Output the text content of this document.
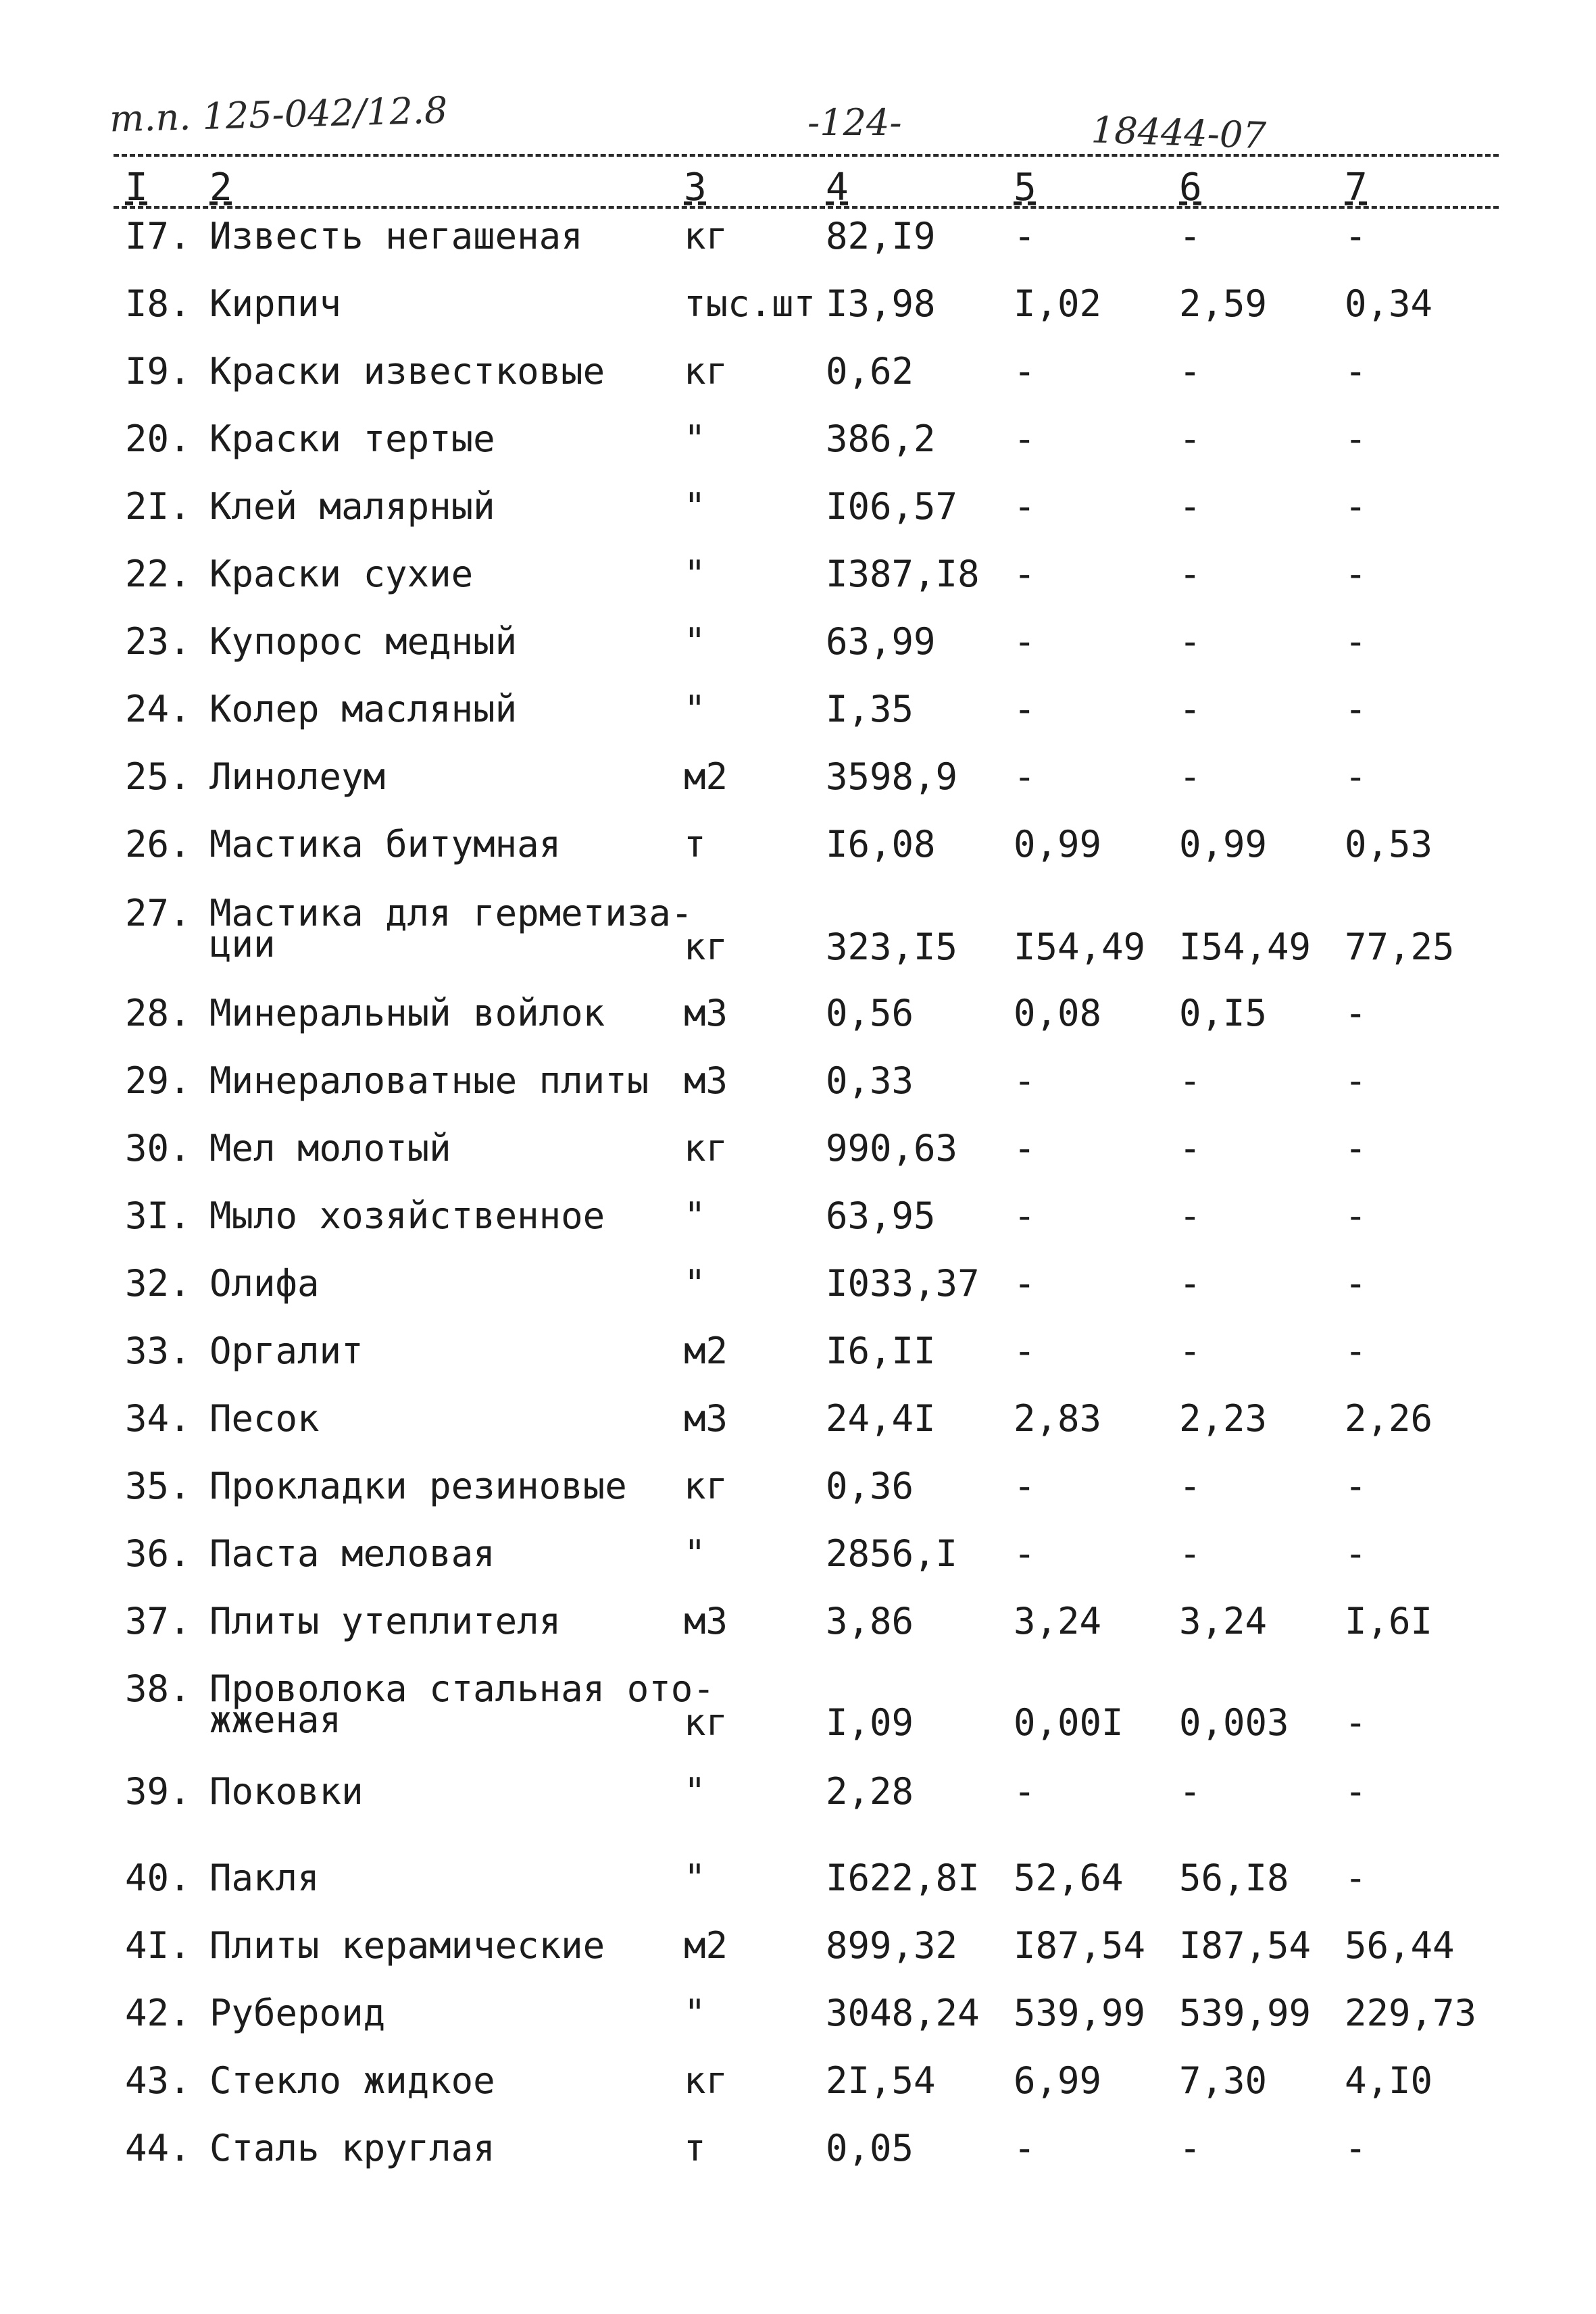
т.п. 125-042/12.8	-124-	18444-07
I 2	3	4	5	6	7
I7. Известь негашеная	кг	82,I9 -	-	-
I8. Кирпич	тыс.шт I3,98 I,02 2,59 0,34
I9. Краски известковые кг	0,62	-	-	-
20. Краски тертые	"	386,2 -	-	-
2I. Клей малярный	"	I06,57 -	-	-
22. Краски сухие	"	I387,I8 -	-	-
23. Купорос медный	"	63,99 -	-	-
24. Колер масляный	"	I,35	-	-	-
25. Линолеум	м2	3598,9 -	-	-
26. Мастика битумная	т	I6,08 0,99 0,99 0,53
27. Мастика для герметиза-
ции	кг	323,I5 I54,49 I54,49 77,25
28. Минеральный войлок м3	0,56	0,08 0,I5 -
29. Минераловатные плиты м3	0,33	-	-	-
30. Мел молотый	кг	990,63 -	-	-
3I. Мыло хозяйственное "	63,95 -	-	-
32. Олифа	"	I033,37 -	-	-
33. Оргалит	м2	I6,II -	-	-
34. Песок	м3	24,4I 2,83 2,23 2,26
35. Прокладки резиновые кг	0,36	-	-	-
36. Паста меловая	"	2856,I -	-	-
37. Плиты утеплителя	м3	3,86	3,24 3,24 I,6I
38. Проволока стальная ото-
жженая	кг	I,09	0,00I 0,003 -
39. Поковки	"	2,28	-	-	-
40. Пакля	"	I622,8I 52,64 56,I8 -
4I. Плиты керамические м2	899,32 I87,54 I87,54 56,44
42. Рубероид	"	3048,24 539,99 539,99 229,73
43. Стекло жидкое	кг	2I,54 6,99 7,30 4,I0
44. Сталь круглая	т	0,05	-	-	-
